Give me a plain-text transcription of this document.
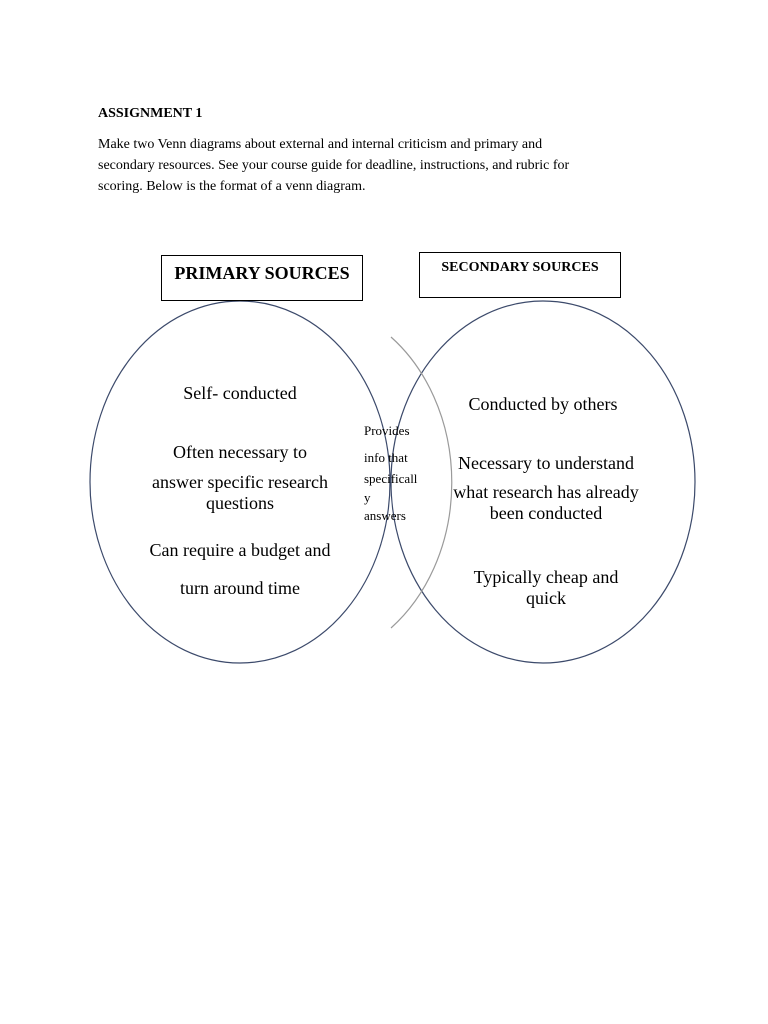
ASSIGNMENT 1
Make two Venn diagrams about external and internal criticism and primary and
secondary resources. See your course guide for deadline, instructions, and rubric for
scoring. Below is the format of a venn diagram.
PRIMARY SOURCES	SECONDARY SOURCES
Self- conducted
Often necessary to
answer specific research
questions
Can require a budget and
turn around time
Conducted by others
Necessary to understand
what research has already
been conducted
Typically cheap and
quick
Provides
info that
specificall
y
answers
